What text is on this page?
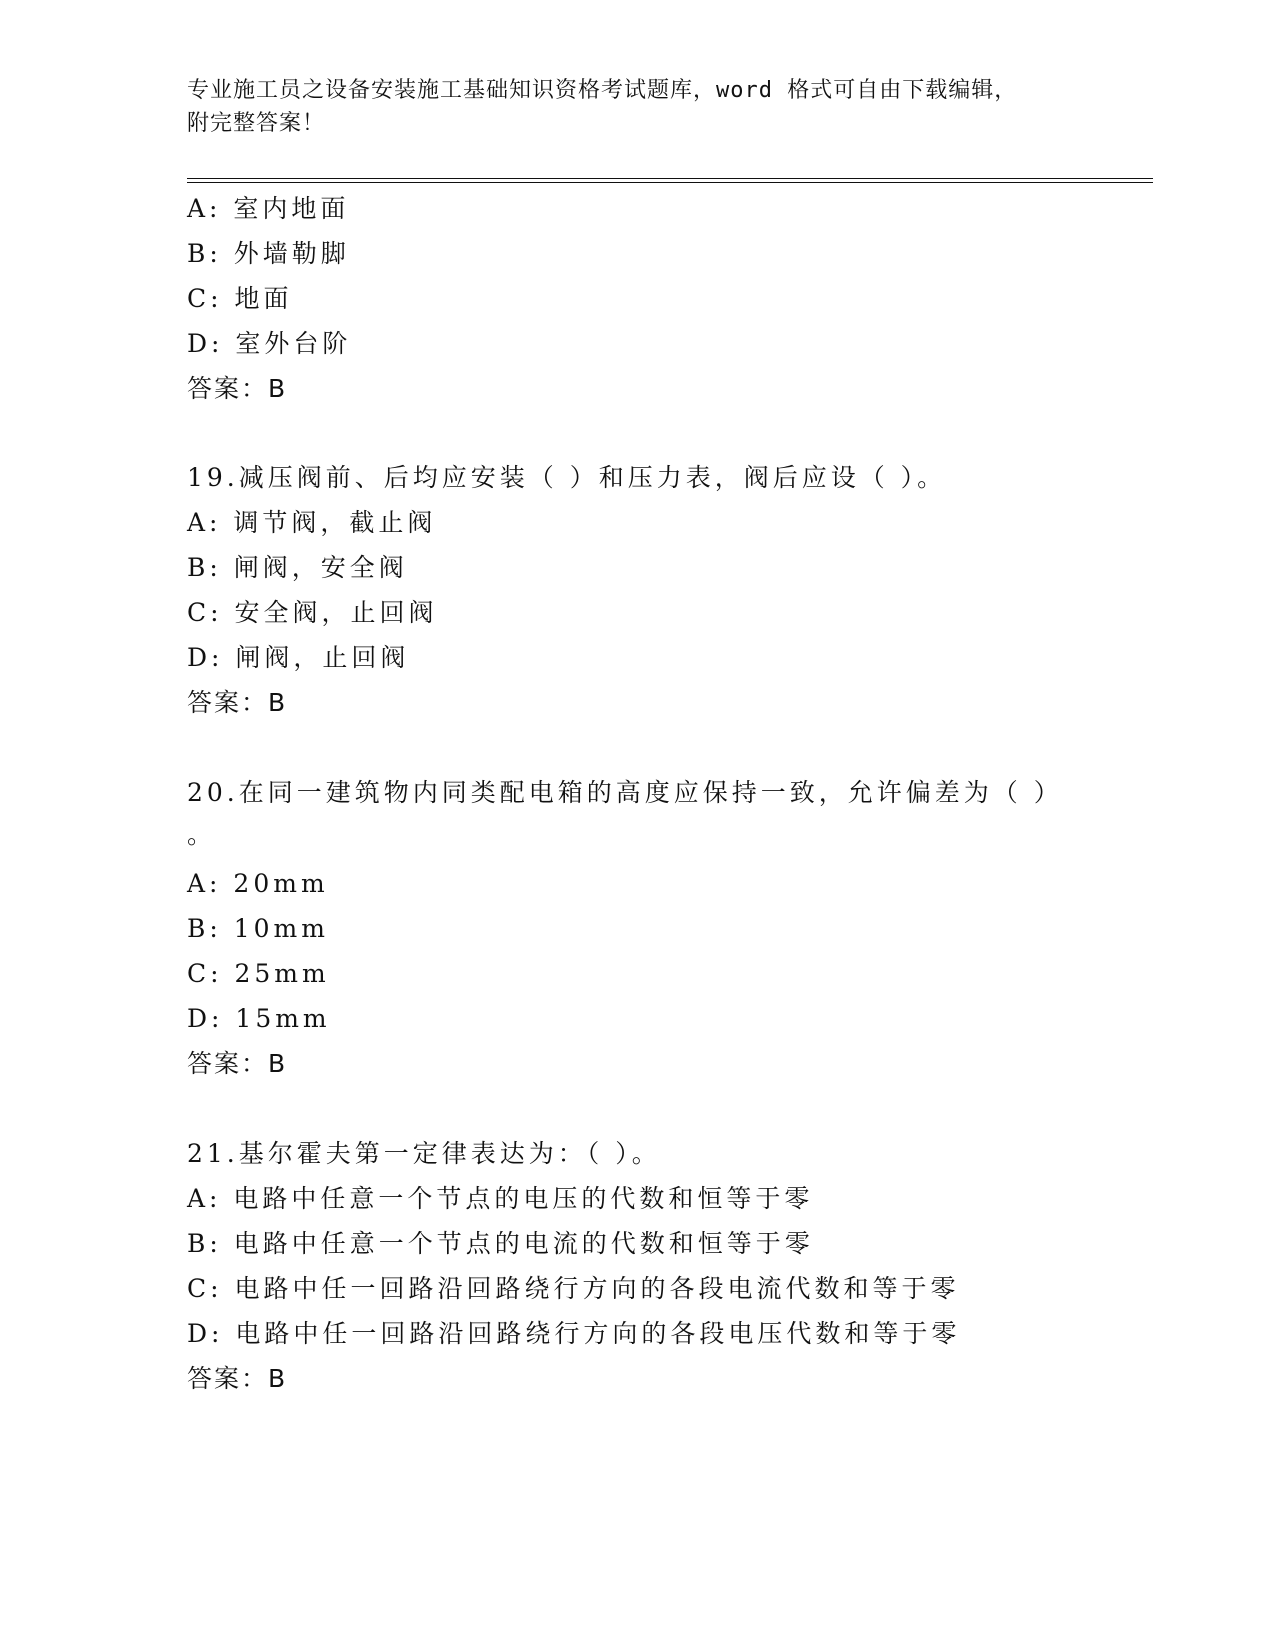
专业施工员之设备安装施工基础知识资格考试题库，word 格式可自由下载编辑，
附完整答案！
A: 室内地面
B: 外墙勒脚
C: 地面
D: 室外台阶
答案：B
19.减压阀前、后均应安装（ ）和压力表，阀后应设（ ）。
A: 调节阀，截止阀
B: 闸阀，安全阀
C: 安全阀，止回阀
D: 闸阀，止回阀
答案：B
20.在同一建筑物内同类配电箱的高度应保持一致，允许偏差为（ ）
。
A: 20mm
B: 10mm
C: 25mm
D: 15mm
答案：B
21.基尔霍夫第一定律表达为：（ ）。
A: 电路中任意一个节点的电压的代数和恒等于零
B: 电路中任意一个节点的电流的代数和恒等于零
C: 电路中任一回路沿回路绕行方向的各段电流代数和等于零
D: 电路中任一回路沿回路绕行方向的各段电压代数和等于零
答案：B
